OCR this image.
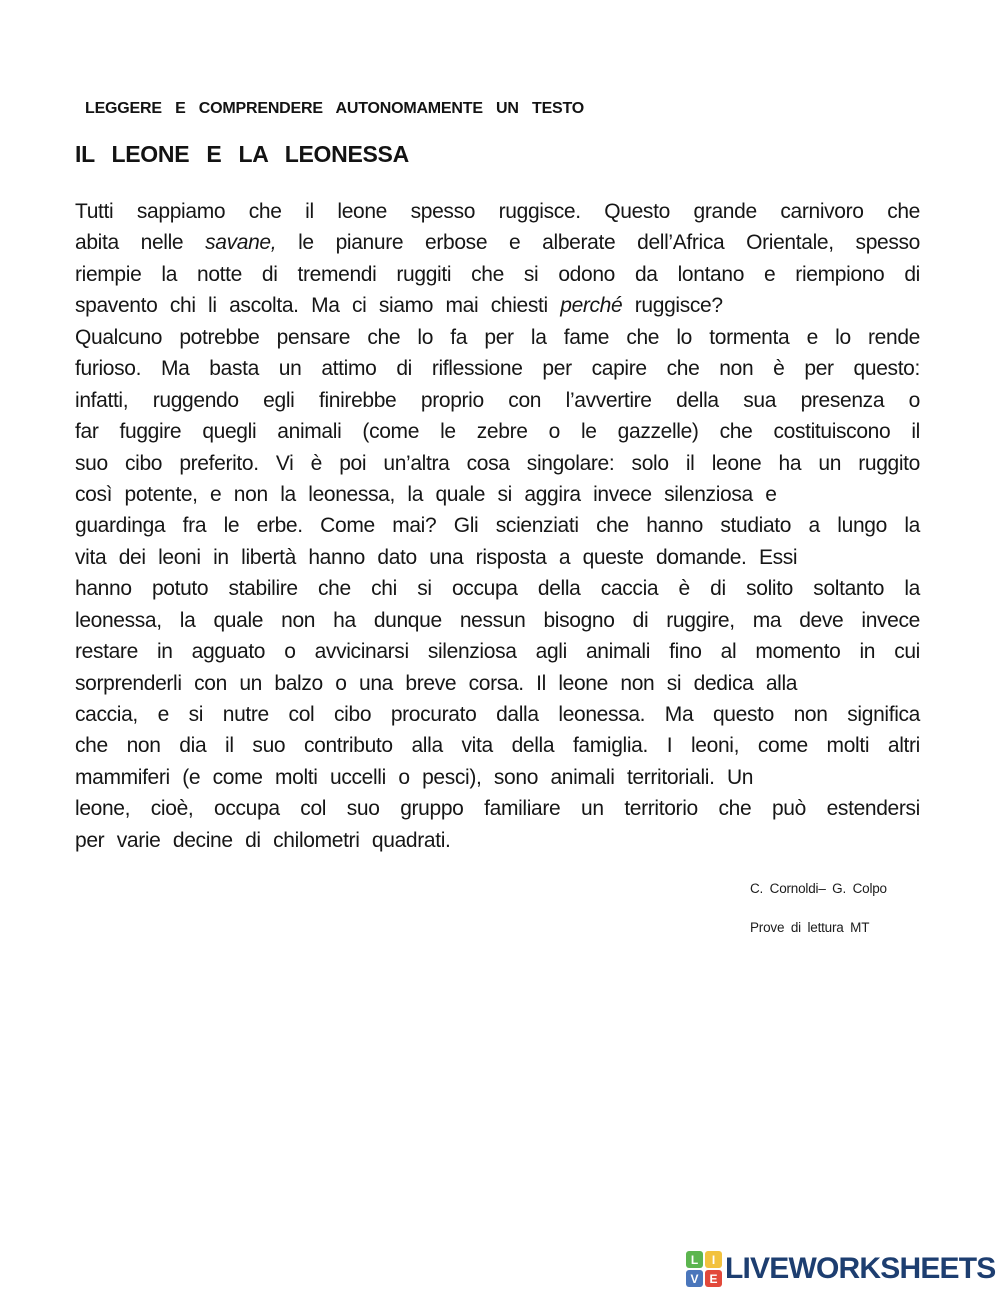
LEGGERE E COMPRENDERE AUTONOMAMENTE UN TESTO
IL LEONE E LA LEONESSA
Tutti sappiamo che il leone spesso ruggisce. Questo grande carnivoro che
abita nelle savane, le pianure erbose e alberate dell’Africa Orientale, spesso
riempie la notte di tremendi ruggiti che si odono da lontano e riempiono di
spavento chi li ascolta. Ma ci siamo mai chiesti perché ruggisce?
Qualcuno potrebbe pensare che lo fa per la fame che lo tormenta e lo rende
furioso. Ma basta un attimo di riflessione per capire che non è per questo:
infatti, ruggendo egli finirebbe proprio con l’avvertire della sua presenza o
far fuggire quegli animali (come le zebre o le gazzelle) che costituiscono il
suo cibo preferito. Vi è poi un’altra cosa singolare: solo il leone ha un ruggito
così potente, e non la leonessa, la quale si aggira invece silenziosa e
guardinga fra le erbe. Come mai? Gli scienziati che hanno studiato a lungo la
vita dei leoni in libertà hanno dato una risposta a queste domande. Essi
hanno potuto stabilire che chi si occupa della caccia è di solito soltanto la
leonessa, la quale non ha dunque nessun bisogno di ruggire, ma deve invece
restare in agguato o avvicinarsi silenziosa agli animali fino al momento in cui
sorprenderli con un balzo o una breve corsa. Il leone non si dedica alla
caccia, e si nutre col cibo procurato dalla leonessa. Ma questo non significa
che non dia il suo contributo alla vita della famiglia. I leoni, come molti altri
mammiferi (e come molti uccelli o pesci), sono animali territoriali. Un
leone, cioè, occupa col suo gruppo familiare un territorio che può estendersi
per varie decine di chilometri quadrati.
C. Cornoldi– G. Colpo
Prove di lettura MT
L	I
V E LIVEWORKSHEETS
